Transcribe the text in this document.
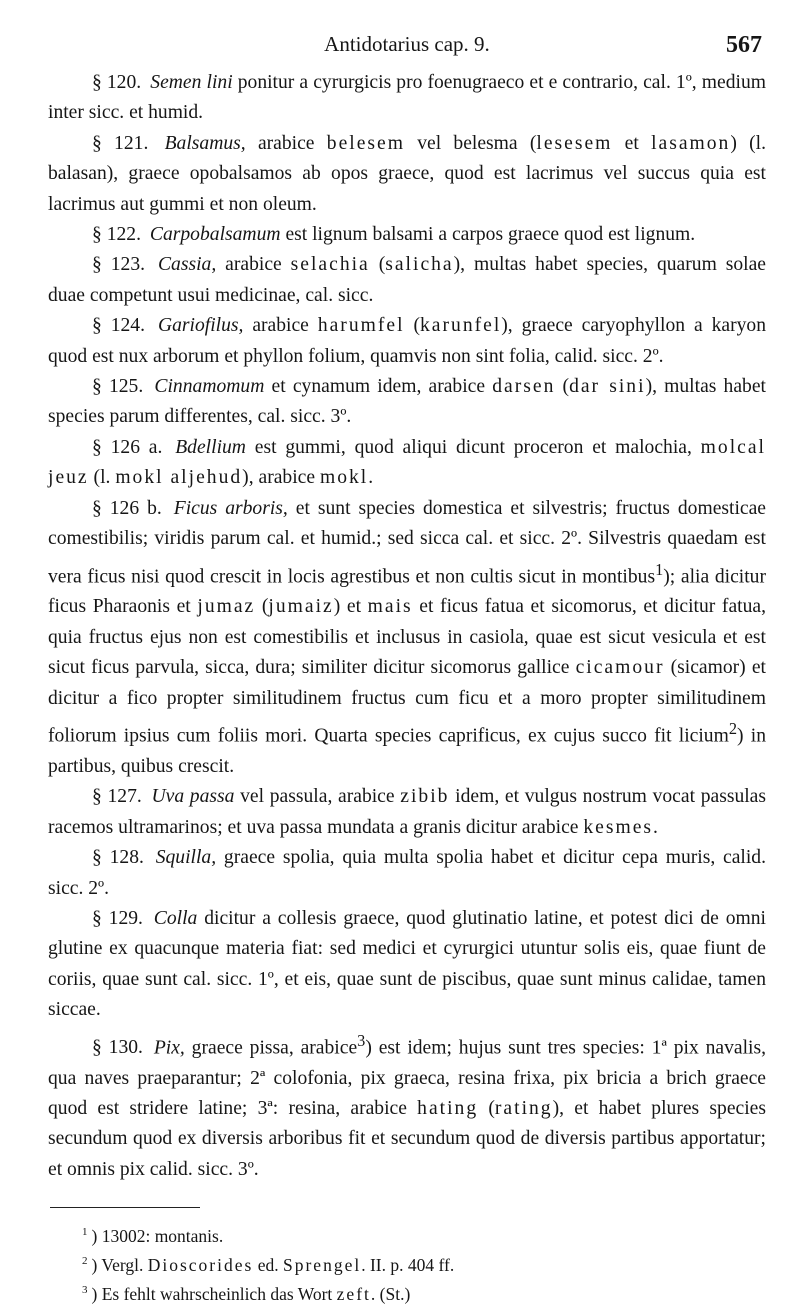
Antidotarius cap. 9.	567

§ 120. Semen lini ponitur a cyrurgicis pro foenugraeco et e contrario, cal. 1º, medium inter sicc. et humid.

§ 121. Balsamus, arabice belesem vel belesma (lesesem et lasamon) (l. balasan), graece opobalsamos ab opos graece, quod est lacrimus vel succus quia est lacrimus aut gummi et non oleum.

§ 122. Carpobalsamum est lignum balsami a carpos graece quod est lignum.

§ 123. Cassia, arabice selachia (salicha), multas habet species, quarum solae duae competunt usui medicinae, cal. sicc.

§ 124. Gariofilus, arabice harumfel (karunfel), graece caryophyllon a karyon quod est nux arborum et phyllon folium, quamvis non sint folia, calid. sicc. 2º.

§ 125. Cinnamomum et cynamum idem, arabice darsen (dar sini), multas habet species parum differentes, cal. sicc. 3º.

§ 126 a. Bdellium est gummi, quod aliqui dicunt proceron et malochia, molcal jeuz (l. mokl aljehud), arabice mokl.

§ 126 b. Ficus arboris, et sunt species domestica et silvestris; fructus domesticae comestibilis; viridis parum cal. et humid.; sed sicca cal. et sicc. 2º. Silvestris quaedam est vera ficus nisi quod crescit in locis agrestibus et non cultis sicut in montibus$^1$); alia dicitur ficus Pharaonis et jumaz (jumaiz) et mais et ficus fatua et sicomorus, et dicitur fatua, quia fructus ejus non est comestibilis et inclusus in casiola, quae est sicut vesicula et est sicut ficus parvula, sicca, dura; similiter dicitur sicomorus gallice cicamour (sicamor) et dicitur a fico propter similitudinem fructus cum ficu et a moro propter similitudinem foliorum ipsius cum foliis mori. Quarta species caprificus, ex cujus succo fit licium$^2$) in partibus, quibus crescit.

§ 127. Uva passa vel passula, arabice zibib idem, et vulgus nostrum vocat passulas racemos ultramarinos; et uva passa mundata a granis dicitur arabice kesmes.

§ 128. Squilla, graece spolia, quia multa spolia habet et dicitur cepa muris, calid. sicc. 2º.

§ 129. Colla dicitur a collesis graece, quod glutinatio latine, et potest dici de omni glutine ex quacunque materia fiat: sed medici et cyrurgici utuntur solis eis, quae fiunt de coriis, quae sunt cal. sicc. 1º, et eis, quae sunt de piscibus, quae sunt minus calidae, tamen siccae.

§ 130. Pix, graece pissa, arabice$^3$) est idem; hujus sunt tres species: 1ª pix navalis, qua naves praeparantur; 2ª colofonia, pix graeca, resina frixa, pix bricia a brich graece quod est stridere latine; 3ª: resina, arabice hating (rating), et habet plures species secundum quod ex diversis arboribus fit et secundum quod de diversis partibus apportatur; et omnis pix calid. sicc. 3º.

$^1$ ) 13002: montanis.

$^2$ ) Vergl. Dioscorides ed. Sprengel. II. p. 404 ff.

$^3$ ) Es fehlt wahrscheinlich das Wort zeft. (St.)
